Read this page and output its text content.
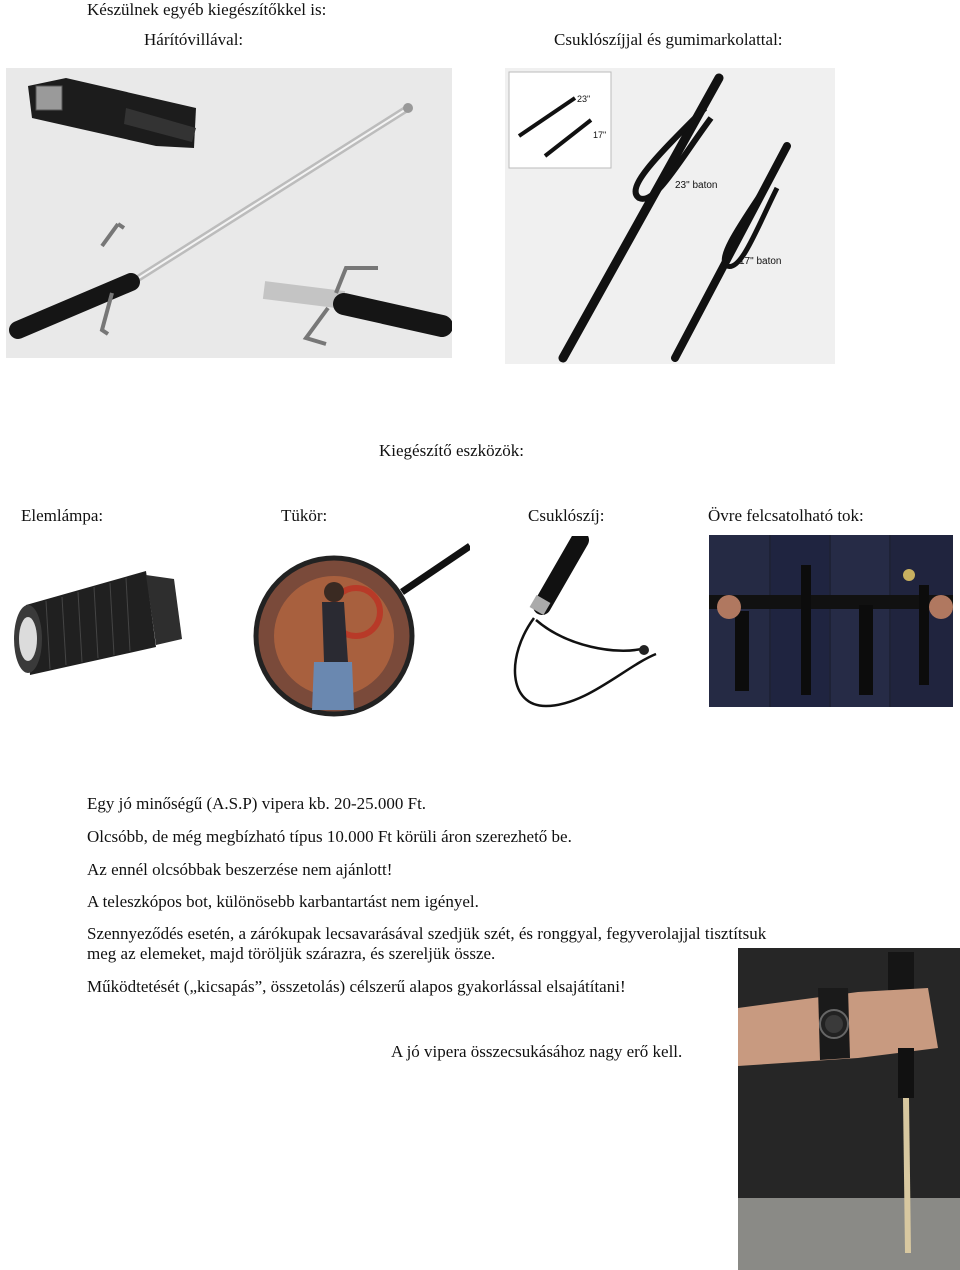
Készülnek egyéb kiegészítőkkel is:
Hárítóvillával:	Csuklószíjjal és gumimarkolattal:
23"
17"
23" baton
17" baton
Kiegészítő eszközök:
Elemlámpa:	Tükör:	Csuklószíj:	Övre felcsatolható tok:
Egy jó minőségű (A.S.P) vipera kb. 20-25.000 Ft.
Olcsóbb, de még megbízható típus 10.000 Ft körüli áron szerezhető be.
Az ennél olcsóbbak beszerzése nem ajánlott!
A teleszkópos bot, különösebb karbantartást nem igényel.
Szennyeződés esetén, a zárókupak lecsavarásával szedjük szét, és ronggyal, fegyverolajjal tisztítsuk
meg az elemeket, majd töröljük szárazra, és szereljük össze.
Működtetését („kicsapás”, összetolás) célszerű alapos gyakorlással elsajátítani!
A jó vipera összecsukásához nagy erő kell.
